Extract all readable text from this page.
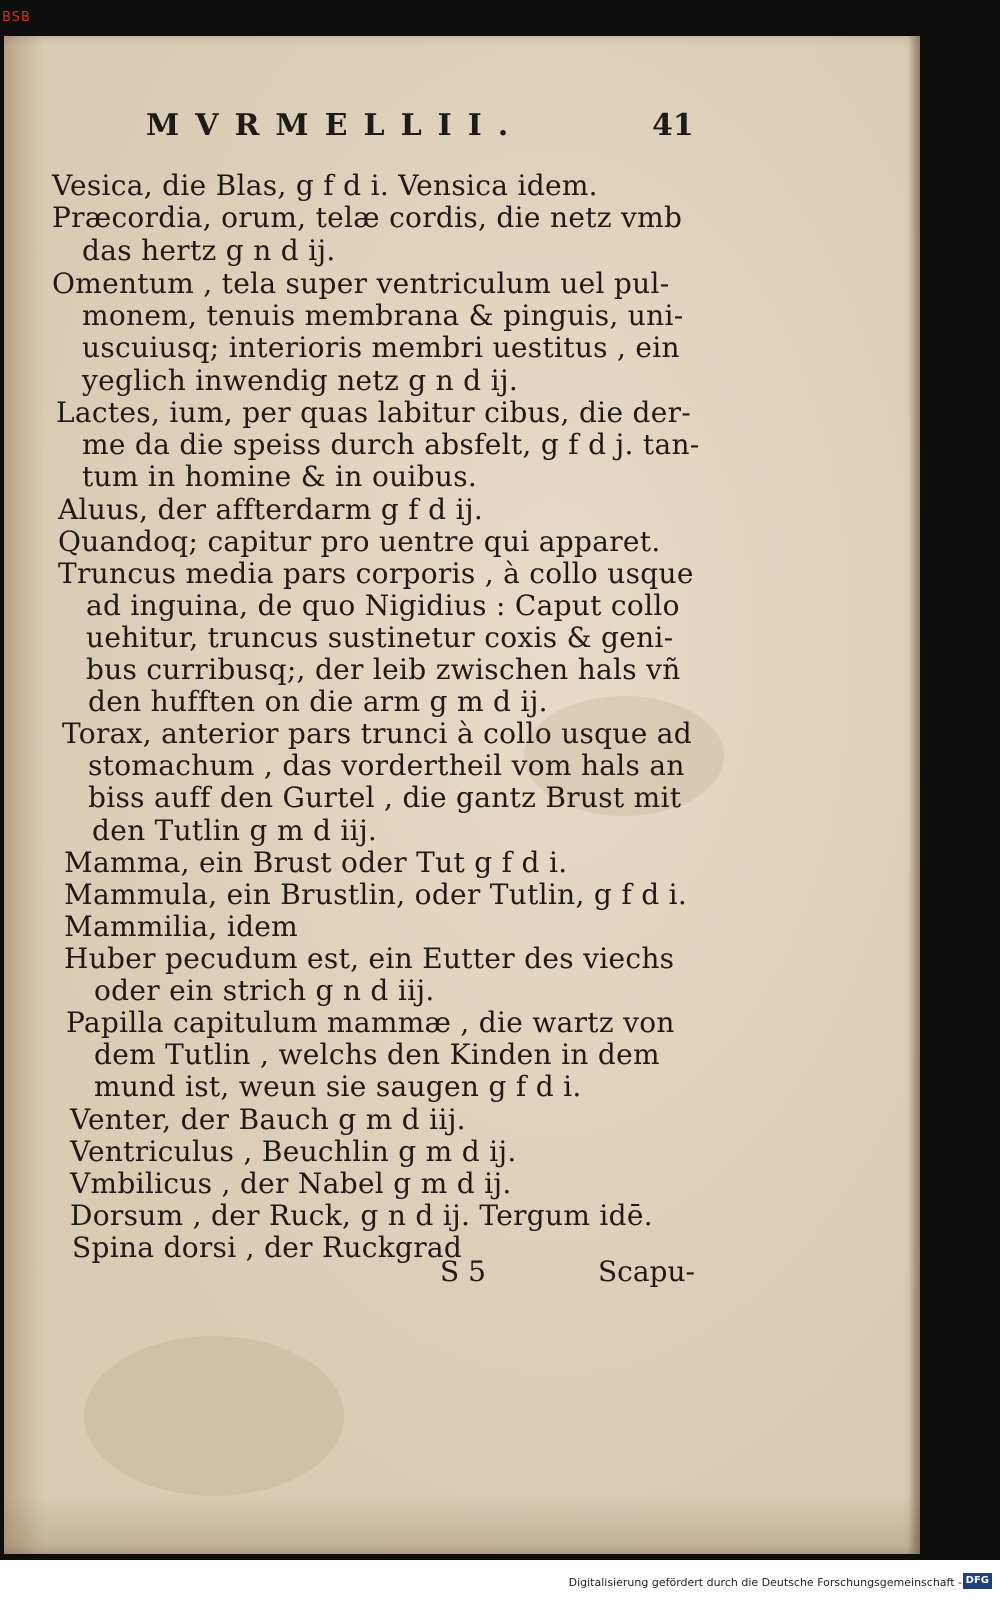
BSB
MVRMELLII.	41
Vesica, die Blas, g f d i. Vensica idem.
Præcordia, orum, telæ cordis, die netz vmb
das hertz g n d ij.
Omentum , tela super ventriculum uel pul-
monem, tenuis membrana & pinguis, uni-
uscuiusq; interioris membri uestitus , ein
yeglich inwendig netz g n d ij.
Lactes, ium, per quas labitur cibus, die der-
me da die speiss durch absfelt, g f d j. tan-
tum in homine & in ouibus.
Aluus, der affterdarm g f d ij.
Quandoq; capitur pro uentre qui apparet.
Truncus media pars corporis , à collo usque
ad inguina, de quo Nigidius : Caput collo
uehitur, truncus sustinetur coxis & geni-
bus curribusq;, der leib zwischen hals vñ
den hufften on die arm g m d ij.
Torax, anterior pars trunci à collo usque ad
stomachum , das vordertheil vom hals an
biss auff den Gurtel , die gantz Brust mit
den Tutlin g m d iij.
Mamma, ein Brust oder Tut g f d i.
Mammula, ein Brustlin, oder Tutlin, g f d i.
Mammilia, idem
Huber pecudum est, ein Eutter des viechs
oder ein strich g n d iij.
Papilla capitulum mammæ , die wartz von
dem Tutlin , welchs den Kinden in dem
mund ist, weun sie saugen g f d i.
Venter, der Bauch g m d iij.
Ventriculus , Beuchlin g m d ij.
Vmbilicus , der Nabel g m d ij.
Dorsum , der Ruck, g n d ij. Tergum idē.
Spina dorsi , der Ruckgrad
S 5	Scapu-
Digitalisierung gefördert durch die Deutsche Forschungsgemeinschaft - DFG
